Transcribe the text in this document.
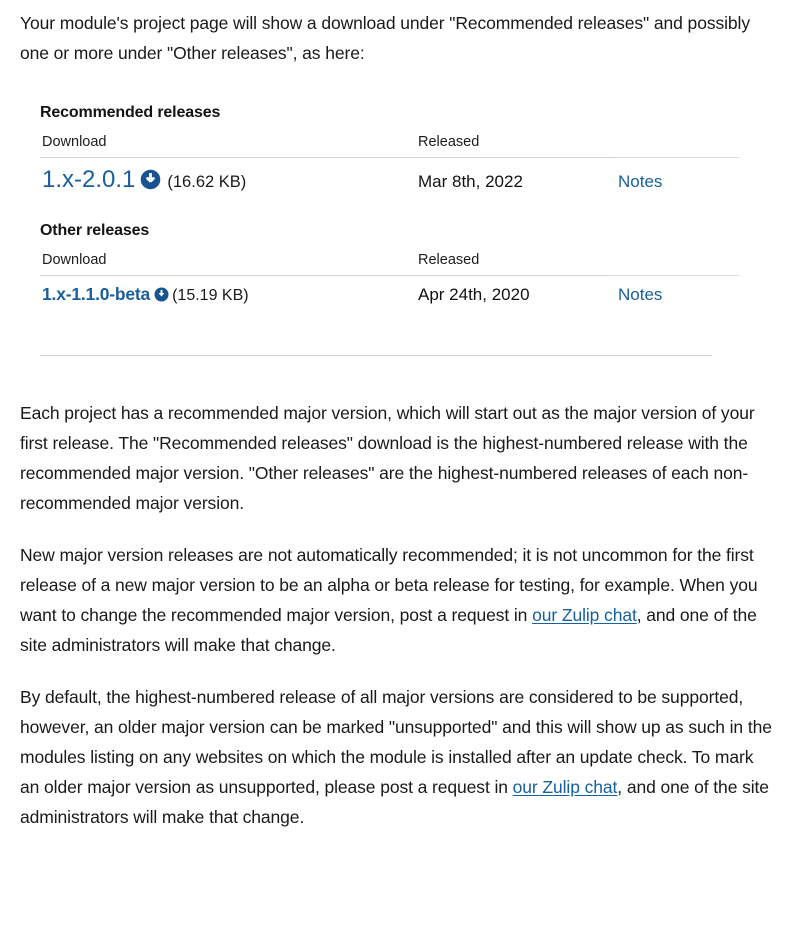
Your module's project page will show a download under "Recommended releases" and possibly one or more under "Other releases", as here:

Recommended releases
Download	Released	
1.x-2.0.1 (16.62 KB)	Mar 8th, 2022	Notes
Other releases
Download	Released	
1.x-1.1.0-beta (15.19 KB)	Apr 24th, 2020	Notes

Each project has a recommended major version, which will start out as the major version of your first release. The "Recommended releases" download is the highest-numbered release with the recommended major version. "Other releases" are the highest-numbered releases of each non-recommended major version.

New major version releases are not automatically recommended; it is not uncommon for the first release of a new major version to be an alpha or beta release for testing, for example. When you want to change the recommended major version, post a request in our Zulip chat, and one of the site administrators will make that change.

By default, the highest-numbered release of all major versions are considered to be supported, however, an older major version can be marked "unsupported" and this will show up as such in the modules listing on any websites on which the module is installed after an update check. To mark an older major version as unsupported, please post a request in our Zulip chat, and one of the site administrators will make that change.
